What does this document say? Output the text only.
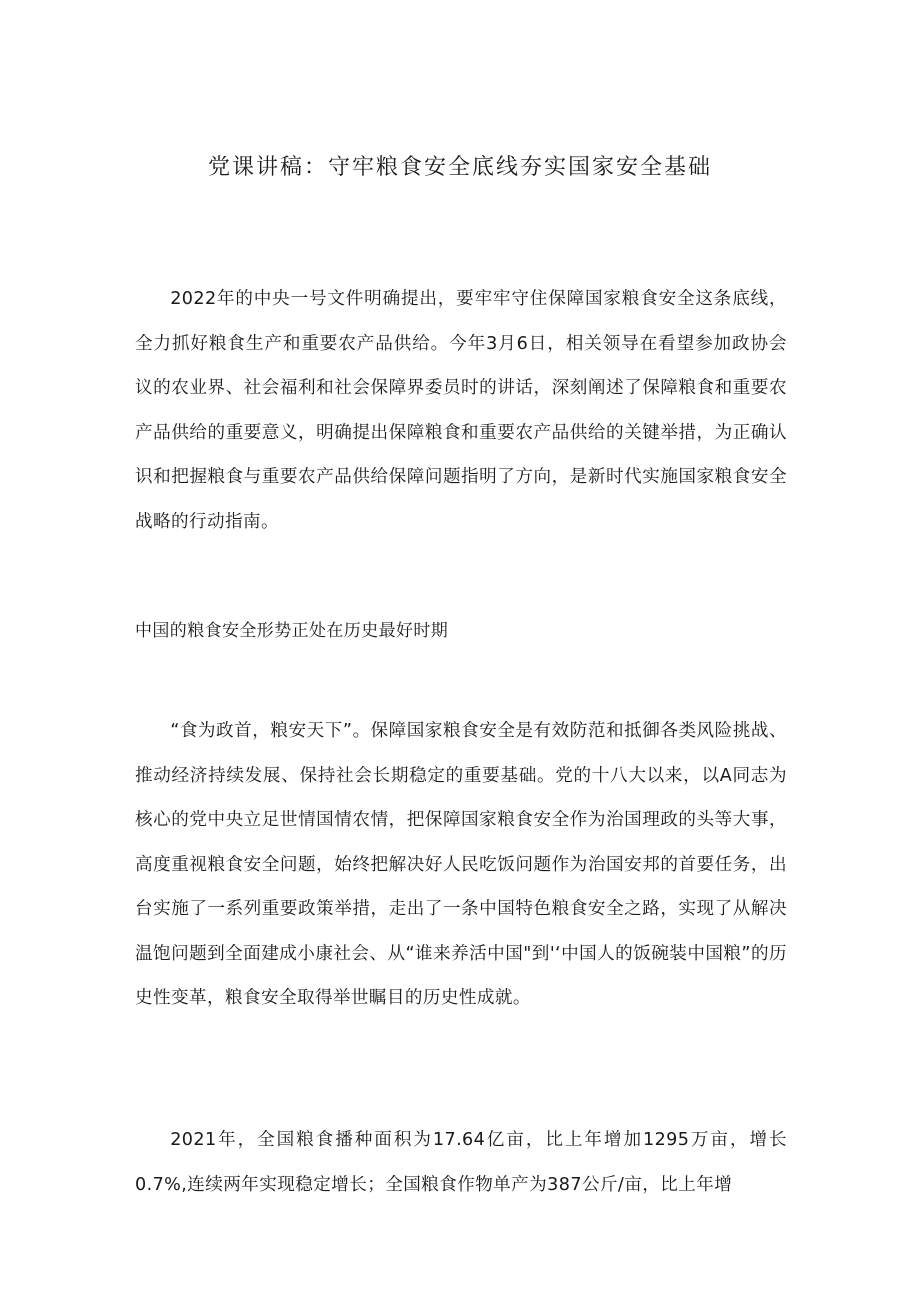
党课讲稿：守牢粮食安全底线夯实国家安全基础

2022年的中央一号文件明确提出，要牢牢守住保障国家粮食安全这条底线，全力抓好粮食生产和重要农产品供给。今年3月6日，相关领导在看望参加政协会议的农业界、社会福利和社会保障界委员时的讲话，深刻阐述了保障粮食和重要农产品供给的重要意义，明确提出保障粮食和重要农产品供给的关键举措，为正确认识和把握粮食与重要农产品供给保障问题指明了方向，是新时代实施国家粮食安全战略的行动指南。

中国的粮食安全形势正处在历史最好时期

“食为政首，粮安天下”。保障国家粮食安全是有效防范和抵御各类风险挑战、推动经济持续发展、保持社会长期稳定的重要基础。党的十八大以来，以A同志为核心的党中央立足世情国情农情，把保障国家粮食安全作为治国理政的头等大事，高度重视粮食安全问题，始终把解决好人民吃饭问题作为治国安邦的首要任务，出台实施了一系列重要政策举措，走出了一条中国特色粮食安全之路，实现了从解决温饱问题到全面建成小康社会、从“谁来养活中国"到'‘中国人的饭碗装中国粮”的历史性变革，粮食安全取得举世瞩目的历史性成就。

2021年，全国粮食播种面积为17.64亿亩，比上年增加1295万亩，增长0.7%,连续两年实现稳定增长；全国粮食作物单产为387公斤/亩，比上年增
